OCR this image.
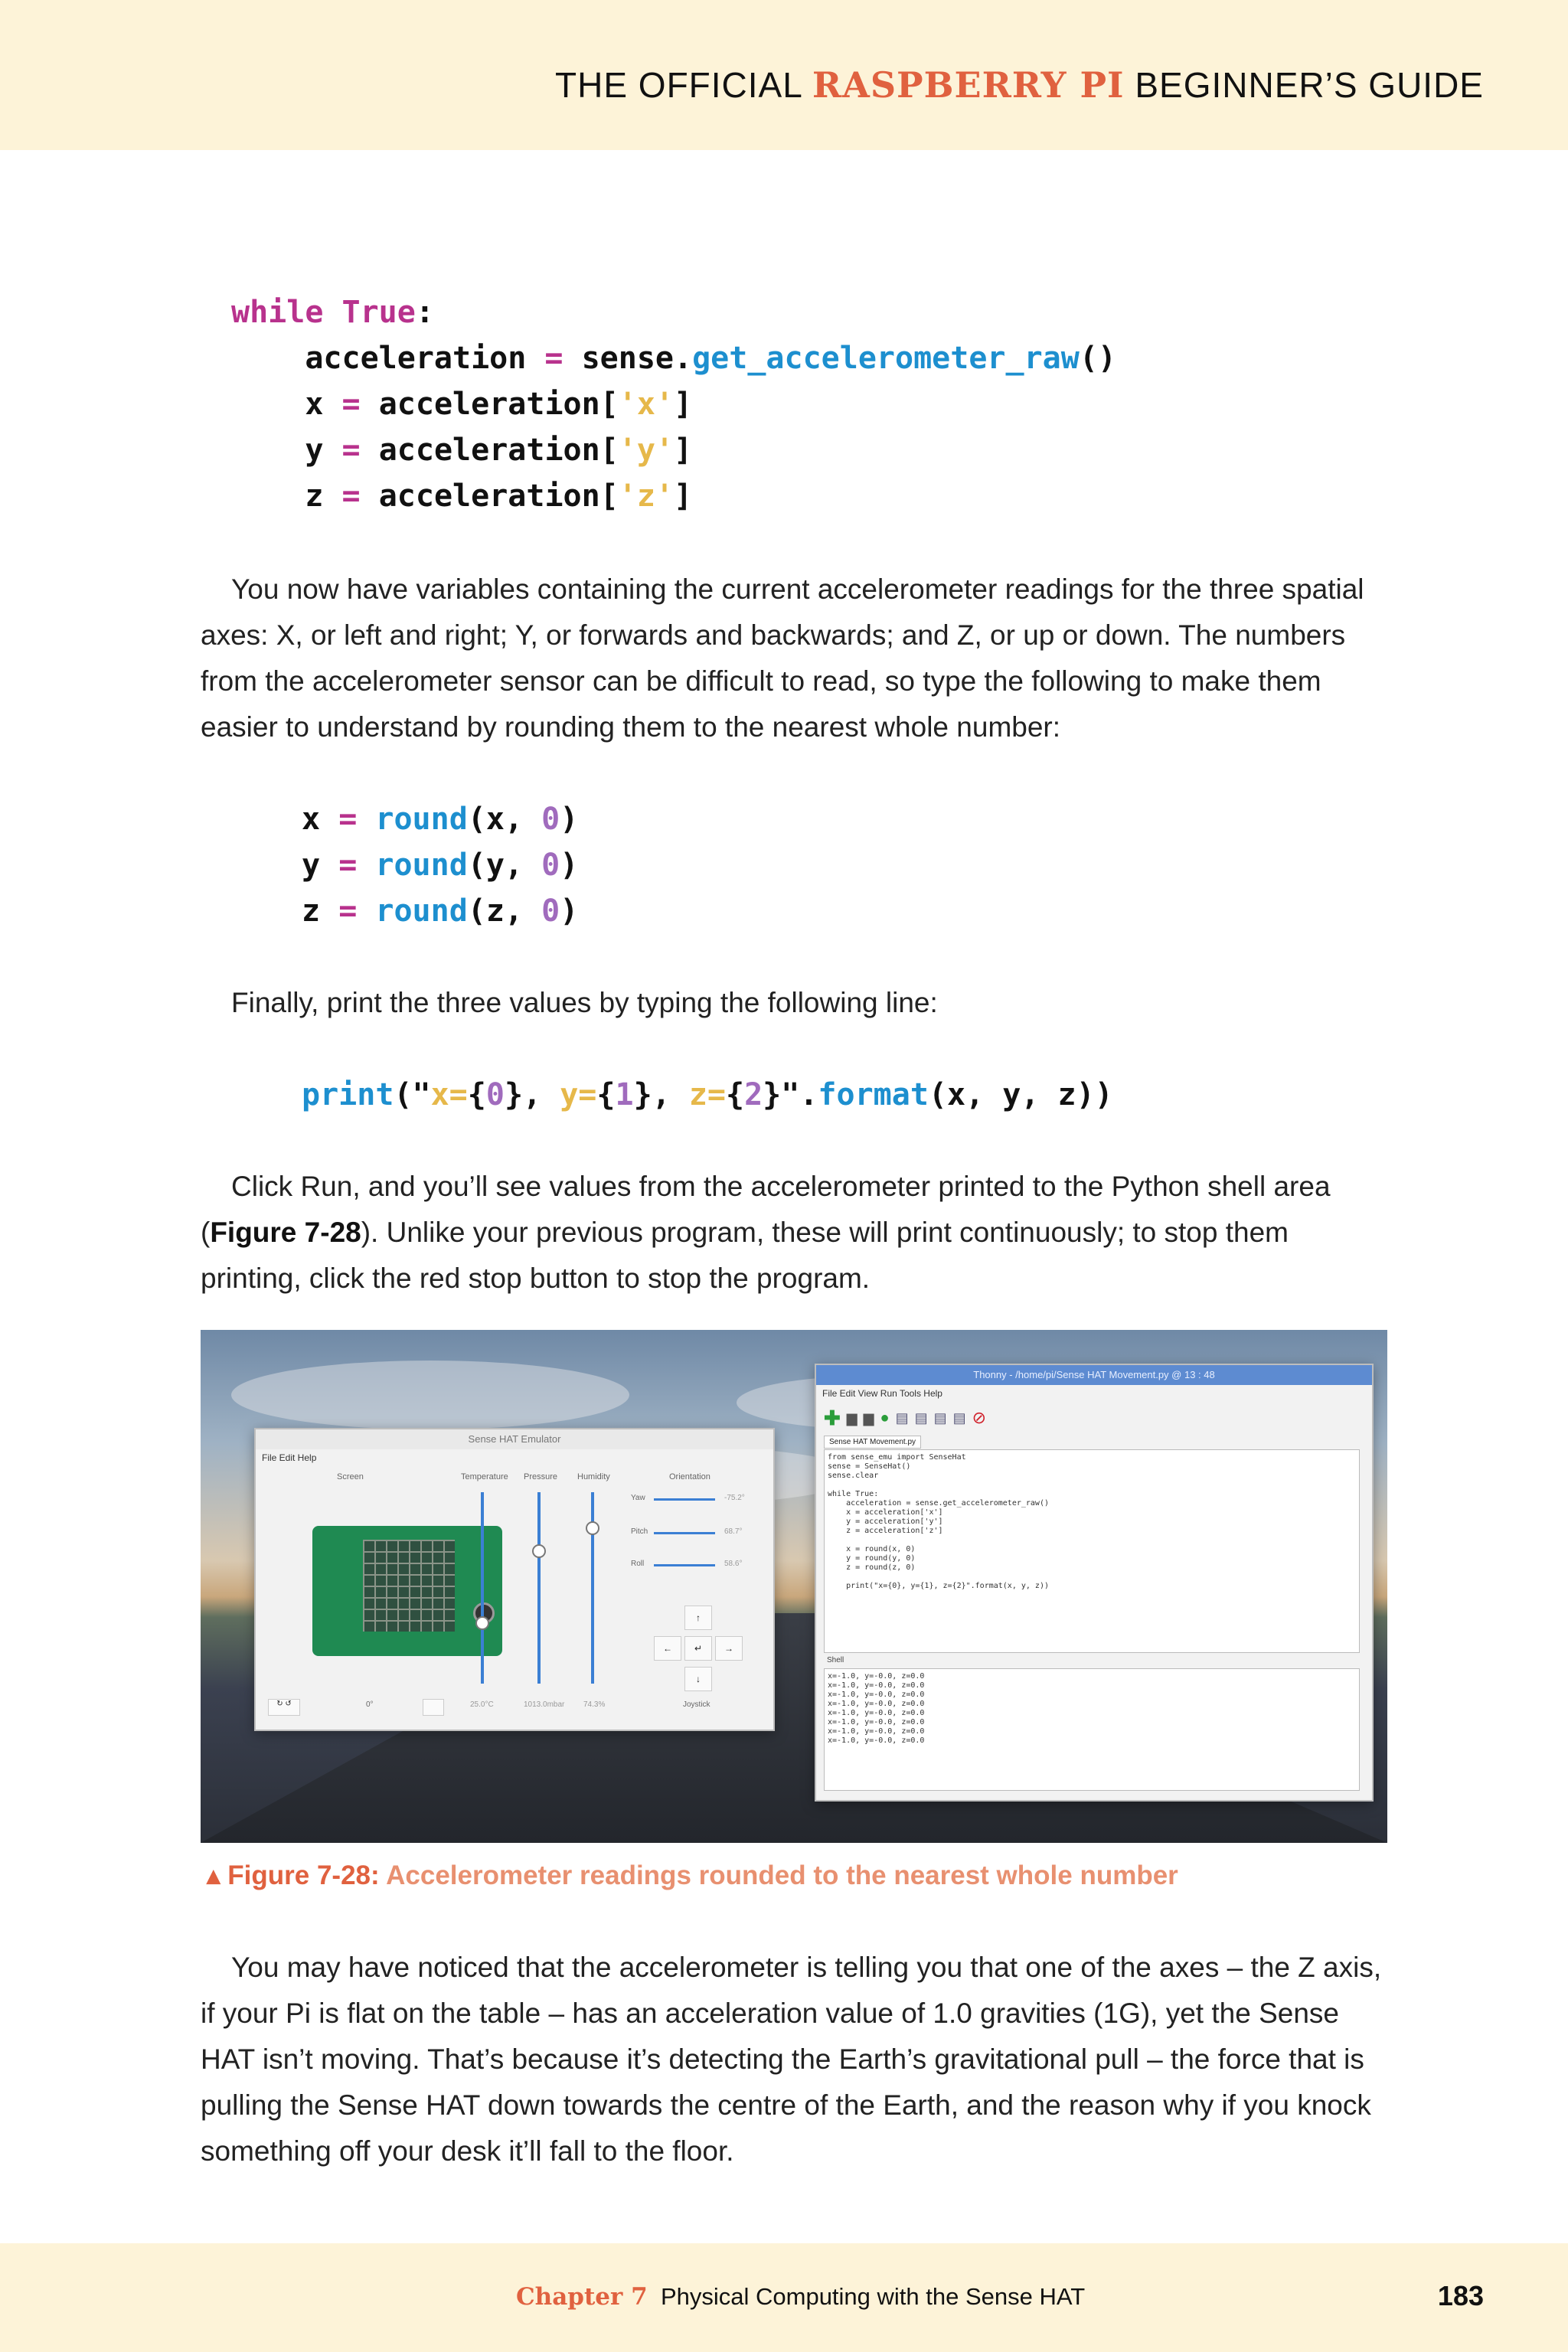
THE OFFICIAL RASPBERRY PI BEGINNER’S GUIDE
while True:
acceleration = sense.get_accelerometer_raw()
x = acceleration['x']
y = acceleration['y']
z = acceleration['z']

You now have variables containing the current accelerometer readings for the three spatial axes: X, or left and right; Y, or forwards and backwards; and Z, or up or down. The numbers from the accelerometer sensor can be difficult to read, so type the following to make them easier to understand by rounding them to the nearest whole number:

x = round(x, 0)
y = round(y, 0)
z = round(z, 0)

Finally, print the three values by typing the following line:

print("x={0}, y={1}, z={2}".format(x, y, z))

Click Run, and you’ll see values from the accelerometer printed to the Python shell area (Figure 7-28). Unlike your previous program, these will print continuously; to stop them printing, click the red stop button to stop the program.

Sense HAT Emulator
File Edit Help
Screen	Temperature Pressure Humidity	Orientation
Yaw	-75.2°
Pitch	68.7°
Roll	58.6°
↑
←	↵	→
↓
↻ ↺	0°	25.0°C	1013.0mbar 74.3%	Joystick
Thonny - /home/pi/Sense HAT Movement.py @ 13 : 48
File Edit View Run Tools Help
✚ ▆ ▆ ● ▤ ▤ ▤ ▤ ⊘
Sense HAT Movement.py
from sense_emu import SenseHat
sense = SenseHat()
sense.clear

while True:
acceleration = sense.get_accelerometer_raw()
x = acceleration['x']
y = acceleration['y']
z = acceleration['z']

x = round(x, 0)
y = round(y, 0)
z = round(z, 0)

print("x={0}, y={1}, z={2}".format(x, y, z))
Shell
x=-1.0, y=-0.0, z=0.0
x=-1.0, y=-0.0, z=0.0
x=-1.0, y=-0.0, z=0.0
x=-1.0, y=-0.0, z=0.0
x=-1.0, y=-0.0, z=0.0
x=-1.0, y=-0.0, z=0.0
x=-1.0, y=-0.0, z=0.0
x=-1.0, y=-0.0, z=0.0
▴ Figure 7-28: Accelerometer readings rounded to the nearest whole number

You may have noticed that the accelerometer is telling you that one of the axes – the Z axis, if your Pi is flat on the table – has an acceleration value of 1.0 gravities (1G), yet the Sense HAT isn’t moving. That’s because it’s detecting the Earth’s gravitational pull – the force that is pulling the Sense HAT down towards the centre of the Earth, and the reason why if you knock something off your desk it’ll fall to the floor.

Chapter 7 Physical Computing with the Sense HAT	183
